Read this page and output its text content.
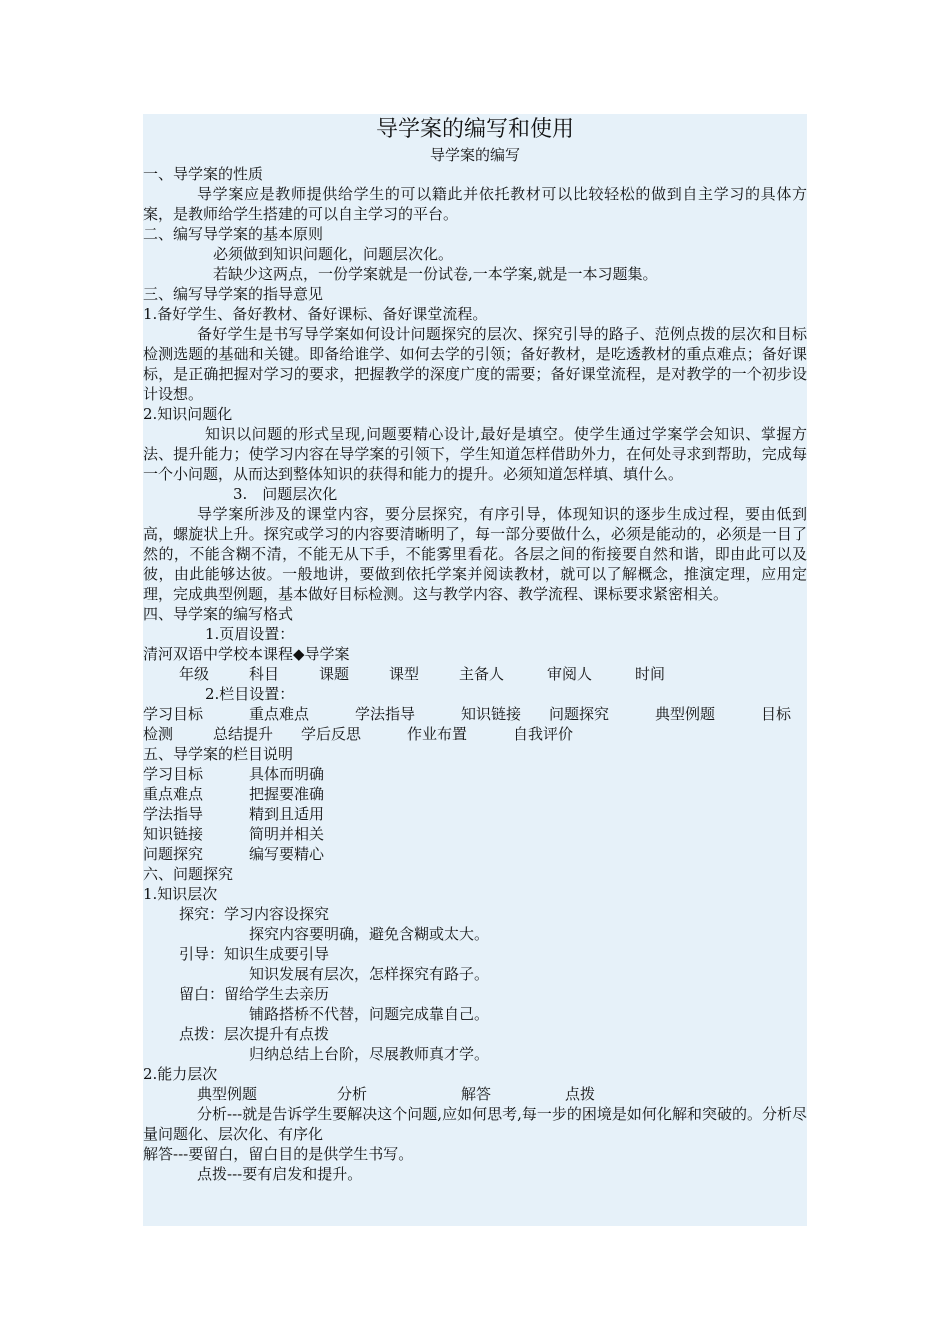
导学案的编写和使用
导学案的编写
一、导学案的性质

导学案应是教师提供给学生的可以籍此并依托教材可以比较轻松的做到自主学习的具体方案，是教师给学生搭建的可以自主学习的平台。

二、编写导学案的基本原则
必须做到知识问题化，问题层次化。
若缺少这两点，一份学案就是一份试卷,一本学案,就是一本习题集。
三、编写导学案的指导意见
1.备好学生、备好教材、备好课标、备好课堂流程。

备好学生是书写导学案如何设计问题探究的层次、探究引导的路子、范例点拨的层次和目标检测选题的基础和关键。即备给谁学、如何去学的引领；备好教材，是吃透教材的重点难点；备好课标，是正确把握对学习的要求，把握教学的深度广度的需要；备好课堂流程，是对教学的一个初步设计设想。

2.知识问题化

知识以问题的形式呈现,问题要精心设计,最好是填空。使学生通过学案学会知识、掌握方法、提升能力；使学习内容在导学案的引领下，学生知道怎样借助外力，在何处寻求到帮助，完成每一个小问题，从而达到整体知识的获得和能力的提升。必须知道怎样填、填什么。

3.　问题层次化

导学案所涉及的课堂内容，要分层探究，有序引导，体现知识的逐步生成过程，要由低到高，螺旋状上升。探究或学习的内容要清晰明了，每一部分要做什么，必须是能动的，必须是一目了然的，不能含糊不清，不能无从下手，不能雾里看花。各层之间的衔接要自然和谐，即由此可以及彼，由此能够达彼。一般地讲，要做到依托学案并阅读教材，就可以了解概念，推演定理，应用定理，完成典型例题，基本做好目标检测。这与教学内容、教学流程、课标要求紧密相关。

四、导学案的编写格式
1.页眉设置：
清河双语中学校本课程◆导学案
年级	科目	课题	课型	主备人	审阅人	时间
2.栏目设置：
学习目标	重点难点	学法指导	知识链接 问题探究	典型例题	目标
检测	总结提升 学后反思	作业布置	自我评价
五、导学案的栏目说明
学习目标	具体而明确
重点难点	把握要准确
学法指导	精到且适用
知识链接	简明并相关
问题探究	编写要精心
六、问题探究
1.知识层次
探究：学习内容设探究
探究内容要明确，避免含糊或太大。
引导：知识生成要引导
知识发展有层次，怎样探究有路子。
留白：留给学生去亲历
铺路搭桥不代替，问题完成靠自己。
点拨：层次提升有点拨
归纳总结上台阶，尽展教师真才学。
2.能力层次
典型例题	分析	解答	点拨

分析---就是告诉学生要解决这个问题,应如何思考,每一步的困境是如何化解和突破的。分析尽量问题化、层次化、有序化

解答---要留白，留白目的是供学生书写。
点拨---要有启发和提升。
